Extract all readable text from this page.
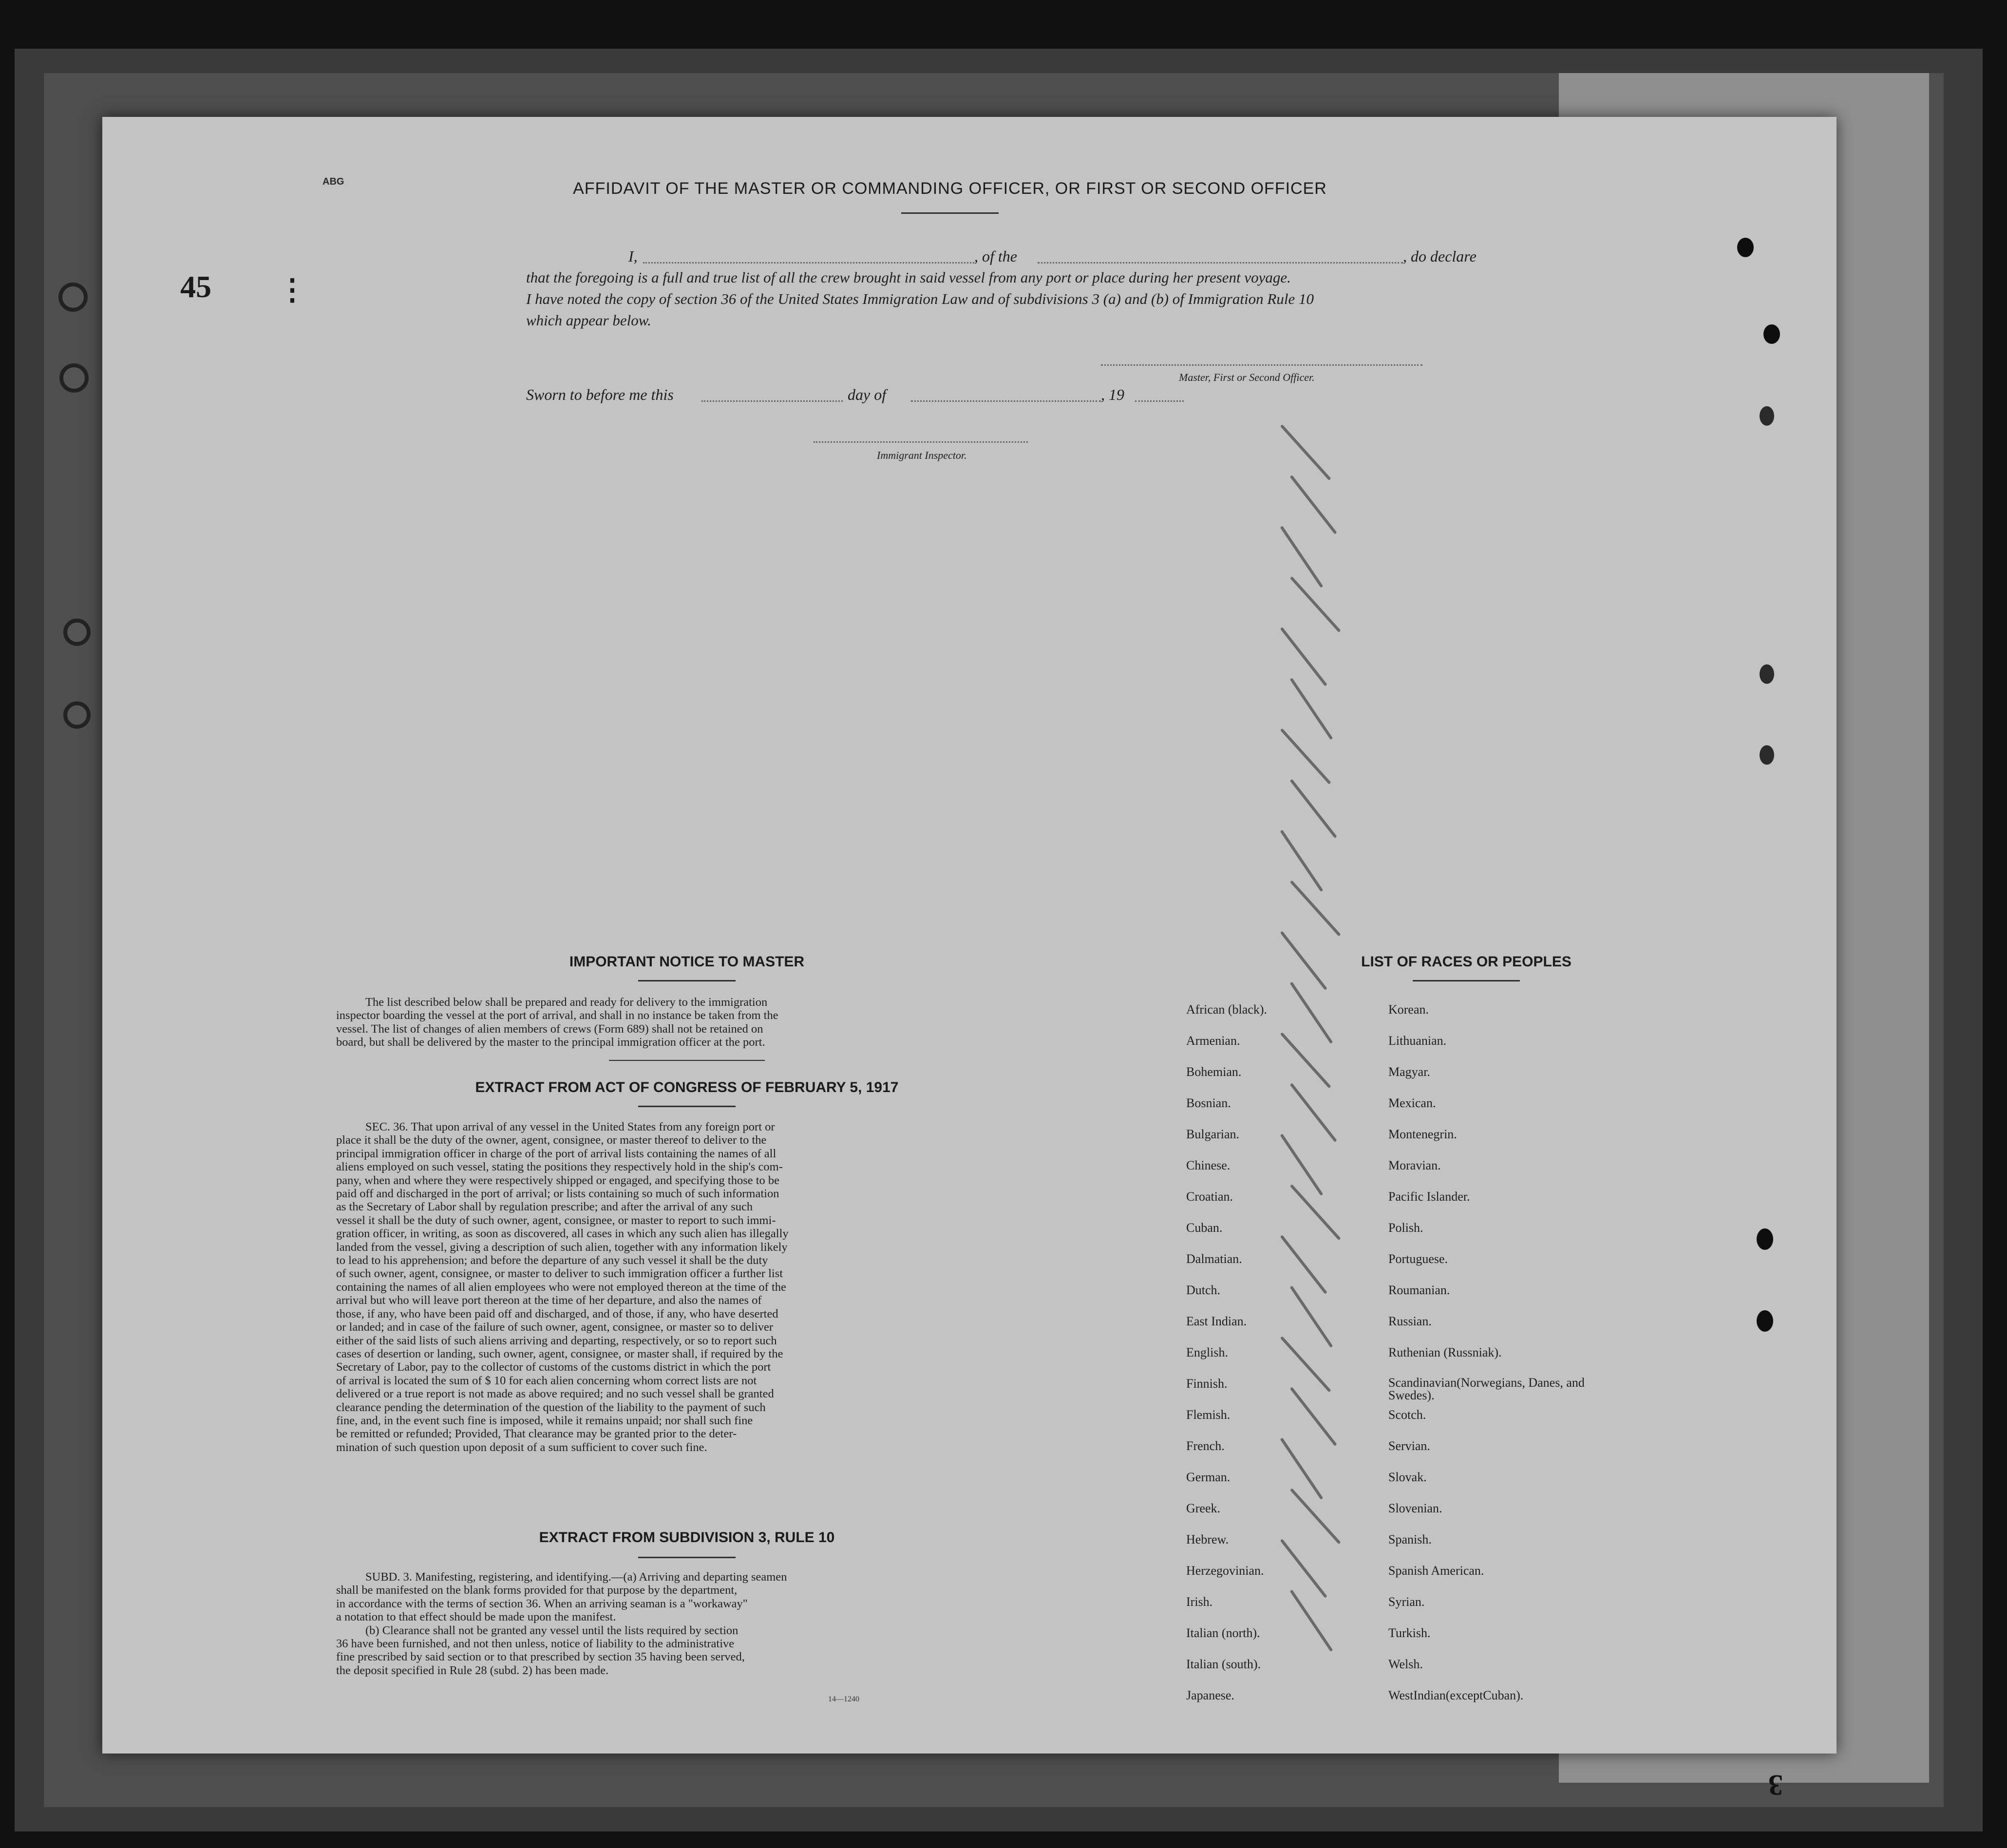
ABG	AFFIDAVIT OF THE MASTER OR COMMANDING OFFICER, OR FIRST OR SECOND OFFICER
I,	, of the	, do declare
that the foregoing is a full and true list of all the crew brought in said vessel from any port or place during her present voyage.
I have noted the copy of section 36 of the United States Immigration Law and of subdivisions 3 (a) and (b) of Immigration Rule 10
which appear below.
Master, First or Second Officer.
Sworn to before me this	day of	, 19
Immigrant Inspector.
IMPORTANT NOTICE TO MASTER
The list described below shall be prepared and ready for delivery to the immigration
inspector boarding the vessel at the port of arrival, and shall in no instance be taken from the
vessel. The list of changes of alien members of crews (Form 689) shall not be retained on
board, but shall be delivered by the master to the principal immigration officer at the port.
EXTRACT FROM ACT OF CONGRESS OF FEBRUARY 5, 1917
SEC. 36. That upon arrival of any vessel in the United States from any foreign port or
place it shall be the duty of the owner, agent, consignee, or master thereof to deliver to the
principal immigration officer in charge of the port of arrival lists containing the names of all
aliens employed on such vessel, stating the positions they respectively hold in the ship's com-
pany, when and where they were respectively shipped or engaged, and specifying those to be
paid off and discharged in the port of arrival; or lists containing so much of such information
as the Secretary of Labor shall by regulation prescribe; and after the arrival of any such
vessel it shall be the duty of such owner, agent, consignee, or master to report to such immi-
gration officer, in writing, as soon as discovered, all cases in which any such alien has illegally
landed from the vessel, giving a description of such alien, together with any information likely
to lead to his apprehension; and before the departure of any such vessel it shall be the duty
of such owner, agent, consignee, or master to deliver to such immigration officer a further list
containing the names of all alien employees who were not employed thereon at the time of the
arrival but who will leave port thereon at the time of her departure, and also the names of
those, if any, who have been paid off and discharged, and of those, if any, who have deserted
or landed; and in case of the failure of such owner, agent, consignee, or master so to deliver
either of the said lists of such aliens arriving and departing, respectively, or so to report such
cases of desertion or landing, such owner, agent, consignee, or master shall, if required by the
Secretary of Labor, pay to the collector of customs of the customs district in which the port
of arrival is located the sum of $ 10 for each alien concerning whom correct lists are not
delivered or a true report is not made as above required; and no such vessel shall be granted
clearance pending the determination of the question of the liability to the payment of such
fine, and, in the event such fine is imposed, while it remains unpaid; nor shall such fine
be remitted or refunded; Provided, That clearance may be granted prior to the deter-
mination of such question upon deposit of a sum sufficient to cover such fine.
EXTRACT FROM SUBDIVISION 3, RULE 10
SUBD. 3. Manifesting, registering, and identifying.—(a) Arriving and departing seamen
shall be manifested on the blank forms provided for that purpose by the department,
in accordance with the terms of section 36. When an arriving seaman is a "workaway"
a notation to that effect should be made upon the manifest.
(b) Clearance shall not be granted any vessel until the lists required by section
36 have been furnished, and not then unless, notice of liability to the administrative
fine prescribed by said section or to that prescribed by section 35 having been served,
the deposit specified in Rule 28 (subd. 2) has been made.
14—1240
LIST OF RACES OR PEOPLES
African (black).
Armenian.
Bohemian.
Bosnian.
Bulgarian.
Chinese.
Croatian.
Cuban.
Dalmatian.
Dutch.
East Indian.
English.
Finnish.
Flemish.
French.
German.
Greek.
Hebrew.
Herzegovinian.
Irish.
Italian (north).
Italian (south).
Japanese.
Korean.
Lithuanian.
Magyar.
Mexican.
Montenegrin.
Moravian.
Pacific Islander.
Polish.
Portuguese.
Roumanian.
Russian.
Ruthenian (Russniak).
Scandinavian(Norwegians, Danes, and Swedes).
Scotch.
Servian.
Slovak.
Slovenian.
Spanish.
Spanish American.
Syrian.
Turkish.
Welsh.
WestIndian(exceptCuban).
45 ⋮
3
